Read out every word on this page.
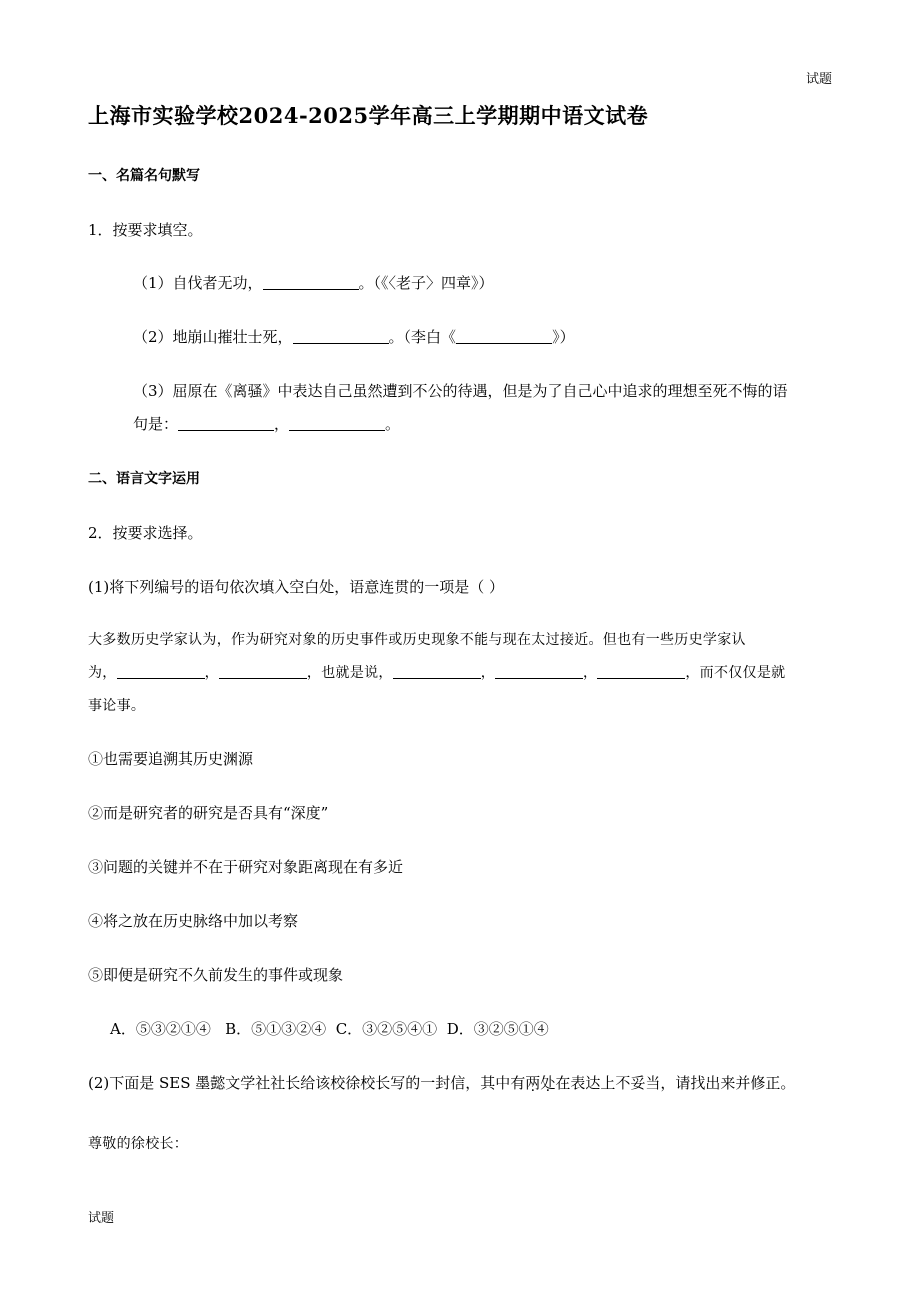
试题
上海市实验学校2024-2025学年高三上学期期中语文试卷
一、名篇名句默写
1．按要求填空。
（1）自伐者无功，	。（《〈老子〉四章》）
（2）地崩山摧壮士死，	。（李白《	》）
（3）屈原在《离骚》中表达自己虽然遭到不公的待遇，但是为了自己心中追求的理想至死不悔的语
句是：	，	。
二、语言文字运用
2．按要求选择。
(1)将下列编号的语句依次填入空白处，语意连贯的一项是（ ）
大多数历史学家认为，作为研究对象的历史事件或历史现象不能与现在太过接近。但也有一些历史学家认
为，	，	，也就是说，	，	，	，而不仅仅是就
事论事。
①也需要追溯其历史渊源
②而是研究者的研究是否具有“深度”
③问题的关键并不在于研究对象距离现在有多近
④将之放在历史脉络中加以考察
⑤即便是研究不久前发生的事件或现象
A．⑤③②①④   B．⑤①③②④  C．③②⑤④①  D．③②⑤①④
(2)下面是 SES 墨懿文学社社长给该校徐校长写的一封信，其中有两处在表达上不妥当，请找出来并修正。
尊敬的徐校长：
试题
